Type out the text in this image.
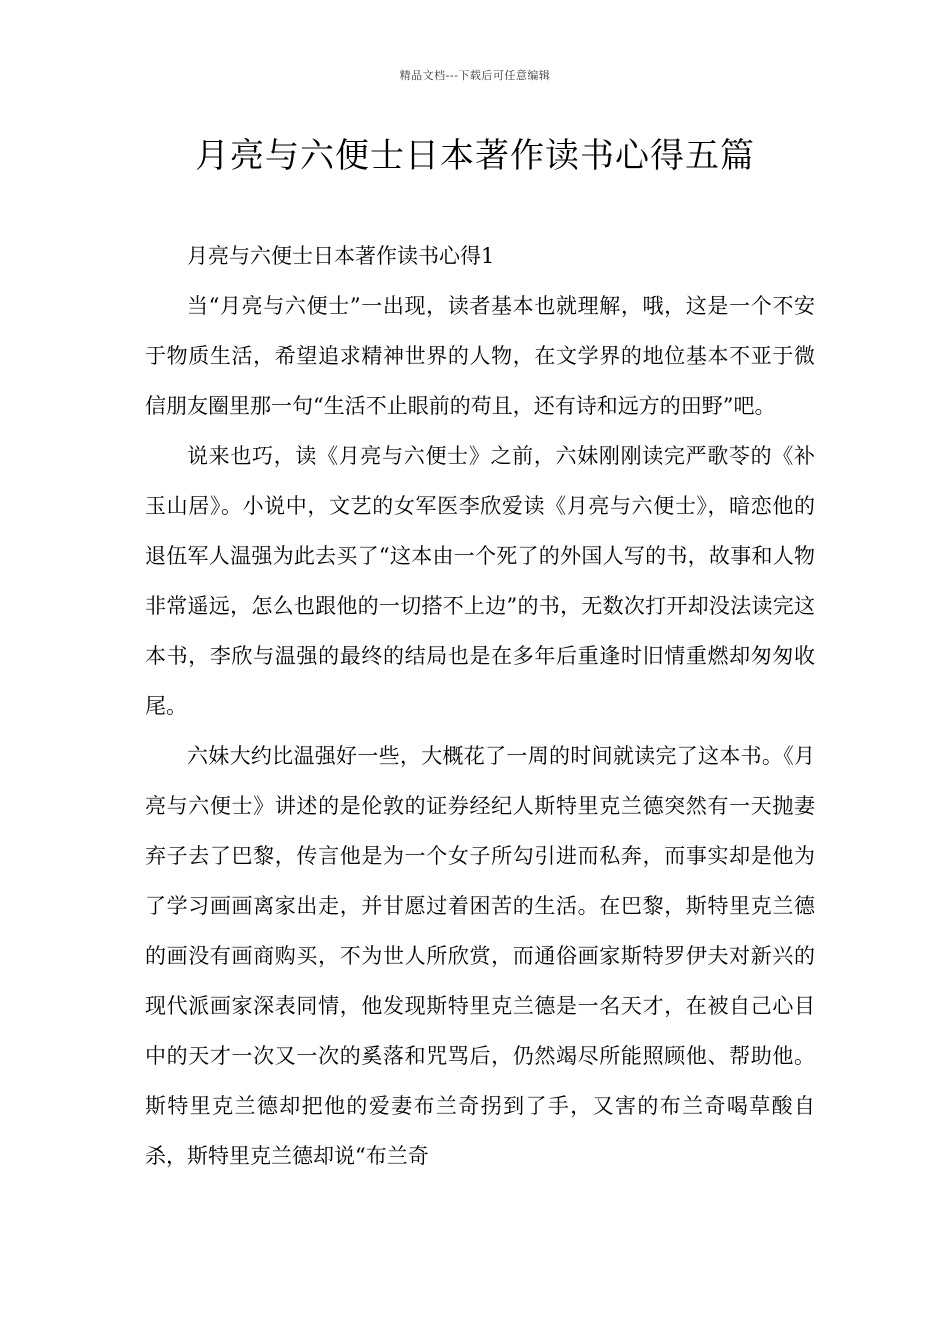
精品文档---下载后可任意编辑
月亮与六便士日本著作读书心得五篇

月亮与六便士日本著作读书心得1

当“月亮与六便士”一出现，读者基本也就理解，哦，这是一个不安于物质生活，希望追求精神世界的人物，在文学界的地位基本不亚于微信朋友圈里那一句“生活不止眼前的苟且，还有诗和远方的田野”吧。

说来也巧，读《月亮与六便士》之前，六妹刚刚读完严歌苓的《补玉山居》。小说中，文艺的女军医李欣爱读《月亮与六便士》，暗恋他的退伍军人温强为此去买了“这本由一个死了的外国人写的书，故事和人物非常遥远，怎么也跟他的一切搭不上边”的书，无数次打开却没法读完这本书，李欣与温强的最终的结局也是在多年后重逢时旧情重燃却匆匆收尾。

六妹大约比温强好一些，大概花了一周的时间就读完了这本书。《月亮与六便士》讲述的是伦敦的证券经纪人斯特里克兰德突然有一天抛妻弃子去了巴黎，传言他是为一个女子所勾引进而私奔，而事实却是他为了学习画画离家出走，并甘愿过着困苦的生活。在巴黎，斯特里克兰德的画没有画商购买，不为世人所欣赏，而通俗画家斯特罗伊夫对新兴的现代派画家深表同情，他发现斯特里克兰德是一名天才，在被自己心目中的天才一次又一次的奚落和咒骂后，仍然竭尽所能照顾他、帮助他。斯特里克兰德却把他的爱妻布兰奇拐到了手，又害的布兰奇喝草酸自杀，斯特里克兰德却说“布兰奇
